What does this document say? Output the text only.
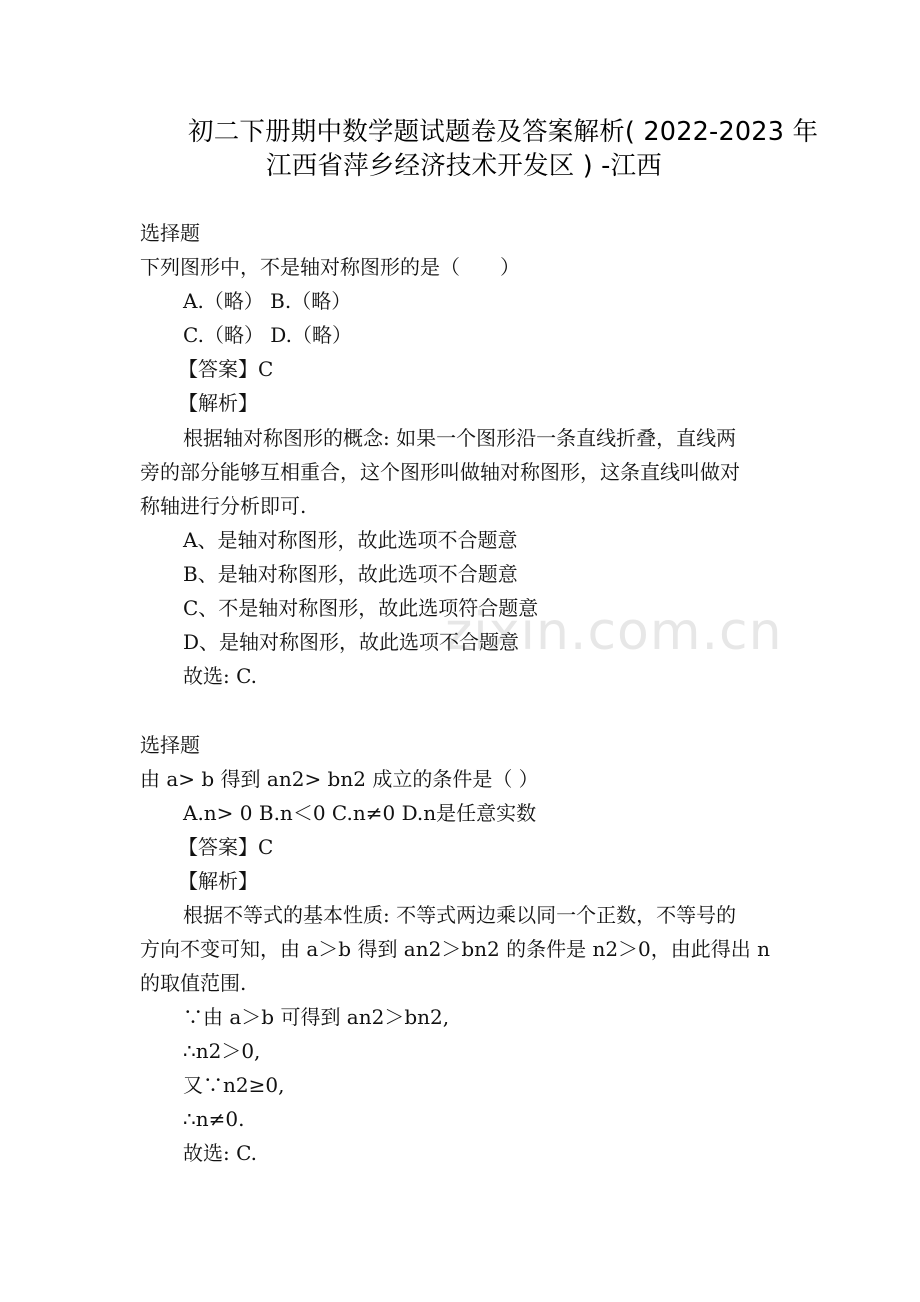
初二下册期中数学题试题卷及答案解析( 2022-2023 年
江西省萍乡经济技术开发区 ) -江西
zixin.com.cn
选择题
下列图形中，不是轴对称图形的是（　　）
A.（略） B.（略）
C.（略） D.（略）
【答案】C
【解析】
根据轴对称图形的概念: 如果一个图形沿一条直线折叠，直线两
旁的部分能够互相重合，这个图形叫做轴对称图形，这条直线叫做对
称轴进行分析即可.
A、是轴对称图形，故此选项不合题意
B、是轴对称图形，故此选项不合题意
C、不是轴对称图形，故此选项符合题意
D、是轴对称图形，故此选项不合题意
故选: C.
选择题
由 a> b 得到 an2> bn2 成立的条件是（ ）
A.n> 0 B.n＜0 C.n≠0 D.n是任意实数
【答案】C
【解析】
根据不等式的基本性质: 不等式两边乘以同一个正数，不等号的
方向不变可知，由 a＞b 得到 an2＞bn2 的条件是 n2＞0，由此得出 n
的取值范围.
∵由 a＞b 可得到 an2＞bn2,
∴n2＞0,
又∵n2≥0,
∴n≠0.
故选: C.
